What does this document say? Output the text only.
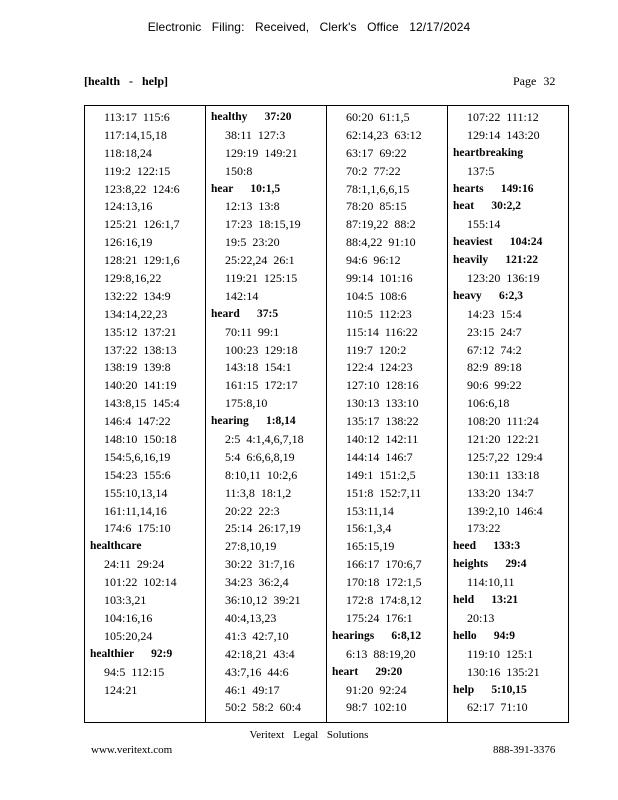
Electronic Filing: Received, Clerk's Office 12/17/2024
[health - help]	Page 32
113:17  115:6
117:14,15,18
118:18,24
119:2  122:15
123:8,22  124:6
124:13,16
125:21  126:1,7
126:16,19
128:21  129:1,6
129:8,16,22
132:22  134:9
134:14,22,23
135:12  137:21
137:22  138:13
138:19  139:8
140:20  141:19
143:8,15  145:4
146:4  147:22
148:10  150:18
154:5,6,16,19
154:23  155:6
155:10,13,14
161:11,14,16
174:6  175:10
healthcare
24:11  29:24
101:22  102:14
103:3,21
104:16,16
105:20,24
healthier      92:9
94:5  112:15
124:21
healthy      37:20
38:11  127:3
129:19  149:21
150:8
hear      10:1,5
12:13  13:8
17:23  18:15,19
19:5  23:20
25:22,24  26:1
119:21  125:15
142:14
heard      37:5
70:11  99:1
100:23  129:18
143:18  154:1
161:15  172:17
175:8,10
hearing      1:8,14
2:5  4:1,4,6,7,18
5:4  6:6,6,8,19
8:10,11  10:2,6
11:3,8  18:1,2
20:22  22:3
25:14  26:17,19
27:8,10,19
30:22  31:7,16
34:23  36:2,4
36:10,12  39:21
40:4,13,23
41:3  42:7,10
42:18,21  43:4
43:7,16  44:6
46:1  49:17
50:2  58:2  60:4
60:20  61:1,5
62:14,23  63:12
63:17  69:22
70:2  77:22
78:1,1,6,6,15
78:20  85:15
87:19,22  88:2
88:4,22  91:10
94:6  96:12
99:14  101:16
104:5  108:6
110:5  112:23
115:14  116:22
119:7  120:2
122:4  124:23
127:10  128:16
130:13  133:10
135:17  138:22
140:12  142:11
144:14  146:7
149:1  151:2,5
151:8  152:7,11
153:11,14
156:1,3,4
165:15,19
166:17  170:6,7
170:18  172:1,5
172:8  174:8,12
175:24  176:1
hearings      6:8,12
6:13  88:19,20
heart      29:20
91:20  92:24
98:7  102:10
107:22  111:12
129:14  143:20
heartbreaking
137:5
hearts      149:16
heat      30:2,2
155:14
heaviest      104:24
heavily      121:22
123:20  136:19
heavy      6:2,3
14:23  15:4
23:15  24:7
67:12  74:2
82:9  89:18
90:6  99:22
106:6,18
108:20  111:24
121:20  122:21
125:7,22  129:4
130:11  133:18
133:20  134:7
139:2,10  146:4
173:22
heed      133:3
heights      29:4
114:10,11
held      13:21
20:13
hello      94:9
119:10  125:1
130:16  135:21
help      5:10,15
62:17  71:10
Veritext Legal Solutions
www.veritext.com	888-391-3376
